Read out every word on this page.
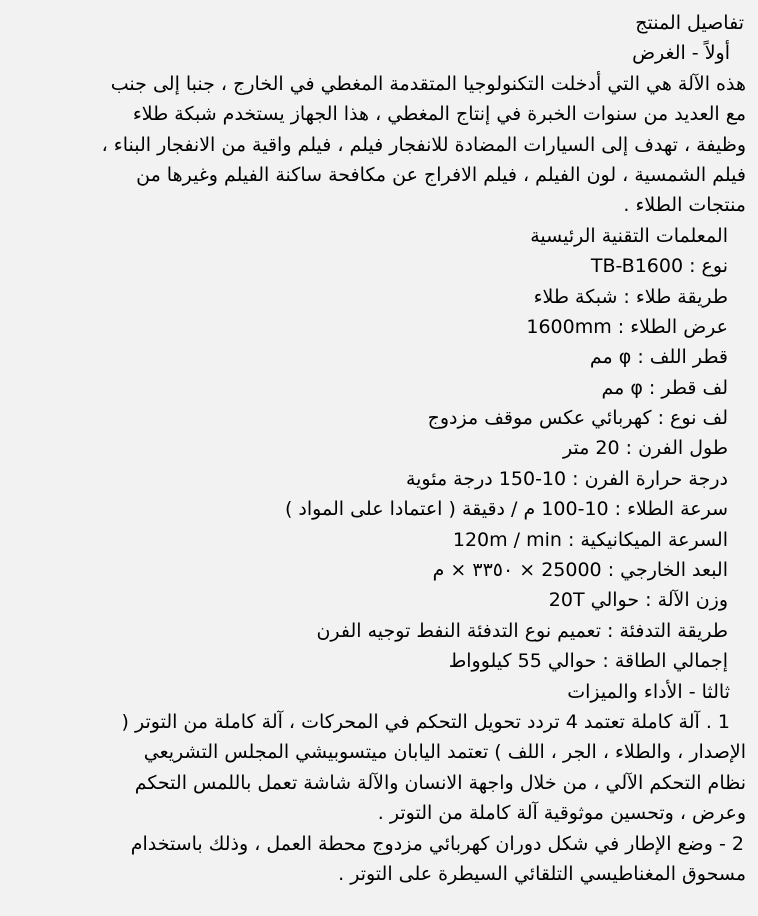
تفاصيل المنتج
أولاً - الغرض
هذه الآلة هي التي أدخلت التكنولوجيا المتقدمة المغطي في الخارج ، جنبا إلى جنب
مع العديد من سنوات الخبرة في إنتاج المغطي ، هذا الجهاز يستخدم شبكة طلاء
وظيفة ، تهدف إلى السيارات المضادة للانفجار فيلم ، فيلم واقية من الانفجار البناء ،
فيلم الشمسية ، لون الفيلم ، فيلم الافراج عن مكافحة ساكنة الفيلم وغيرها من
منتجات الطلاء .
المعلمات التقنية الرئيسية
نوع : TB-B1600
طريقة طلاء : شبكة طلاء
عرض الطلاء : 1600mm
قطر اللف : φ مم
لف قطر : φ مم
لف نوع : كهربائي عكس موقف مزدوج
طول الفرن : 20 متر
درجة حرارة الفرن : 10-150 درجة مئوية
سرعة الطلاء : 10-100 م / دقيقة ( اعتمادا على المواد )
السرعة الميكانيكية : 120m / min
البعد الخارجي : 25000 × ٣٣٥٠ × م
وزن الآلة : حوالي 20T
طريقة التدفئة : تعميم نوع التدفئة النفط توجيه الفرن
إجمالي الطاقة : حوالي 55 كيلوواط
ثالثا - الأداء والميزات
1 . آلة كاملة تعتمد 4 تردد تحويل التحكم في المحركات ، آلة كاملة من التوتر (
الإصدار ، والطلاء ، الجر ، اللف ) تعتمد اليابان ميتسوبيشي المجلس التشريعي
نظام التحكم الآلي ، من خلال واجهة الانسان والآلة شاشة تعمل باللمس التحكم
وعرض ، وتحسين موثوقية آلة كاملة من التوتر .
2 - وضع الإطار في شكل دوران كهربائي مزدوج محطة العمل ، وذلك باستخدام
مسحوق المغناطيسي التلقائي السيطرة على التوتر .
